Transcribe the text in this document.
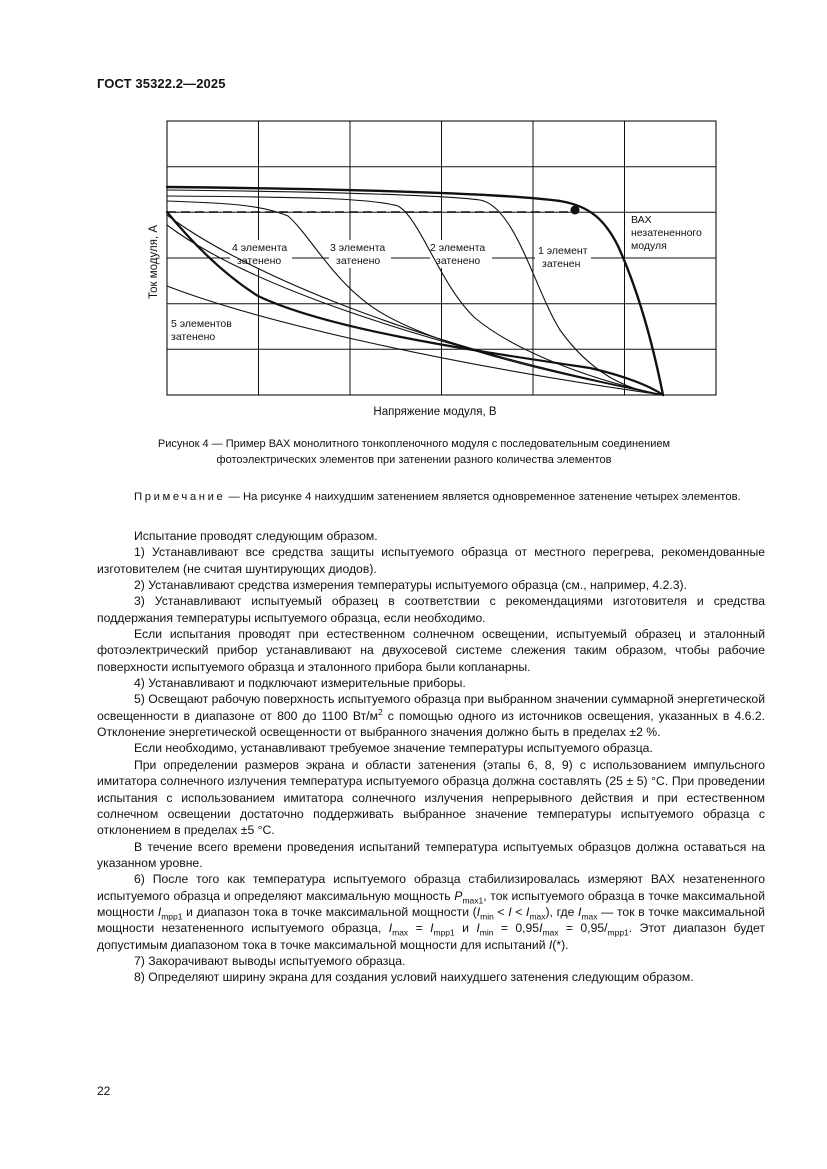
ГОСТ 35322.2—2025
ВАХ
незатененного
модуля
1 элемент
затенен
2 элемента
затенено
3 элемента
затенено
4 элемента
затенено
5 элементов
затенено
Ток модуля, А
Напряжение модуля, В
Рисунок 4 — Пример ВАХ монолитного тонкопленочного модуля с последовательным соединением
фотоэлектрических элементов при затенении разного количества элементов
Примечание — На рисунке 4 наихудшим затенением является одновременное затенение четырех элементов.

Испытание проводят следующим образом.

1) Устанавливают все средства защиты испытуемого образца от местного перегрева, рекомендованные изготовителем (не считая шунтирующих диодов).

2) Устанавливают средства измерения температуры испытуемого образца (см., например, 4.2.3).

3) Устанавливают испытуемый образец в соответствии с рекомендациями изготовителя и средства поддержания температуры испытуемого образца, если необходимо.

Если испытания проводят при естественном солнечном освещении, испытуемый образец и эталонный фотоэлектрический прибор устанавливают на двухосевой системе слежения таким образом, чтобы рабочие поверхности испытуемого образца и эталонного прибора были копланарны.

4) Устанавливают и подключают измерительные приборы.

5) Освещают рабочую поверхность испытуемого образца при выбранном значении суммарной энергетической освещенности в диапазоне от 800 до 1100 $Вт/м^2$ с помощью одного из источников освещения, указанных в 4.6.2. Отклонение энергетической освещенности от выбранного значения должно быть в пределах ±2 %.

Если необходимо, устанавливают требуемое значение температуры испытуемого образца.

При определении размеров экрана и области затенения (этапы 6, 8, 9) с использованием импульсного имитатора солнечного излучения температура испытуемого образца должна составлять (25 ± 5) °C. При проведении испытания с использованием имитатора солнечного излучения непрерывного действия и при естественном солнечном освещении достаточно поддерживать выбранное значение температуры испытуемого образца с отклонением в пределах ±5 °C.

В течение всего времени проведения испытаний температура испытуемых образцов должна оставаться на указанном уровне.

6) После того как температура испытуемого образца стабилизировалась измеряют ВАХ незатененного испытуемого образца и определяют максимальную мощность $P_{max1}$, ток испытуемого образца в точке максимальной мощности $I_{mpp1}$ и диапазон тока в точке максимальной мощности $(I_{min} < I < I_{max})$, где $I_{max}$ — ток в точке максимальной мощности незатененного испытуемого образца, $I_{max} = I_{mpp1}$ и $I_{min} = 0,95I_{max} = 0,95/_{mpp1}$. Этот диапазон будет допустимым диапазоном тока в точке максимальной мощности для испытаний I(*).

7) Закорачивают выводы испытуемого образца.

8) Определяют ширину экрана для создания условий наихудшего затенения следующим образом.

22
